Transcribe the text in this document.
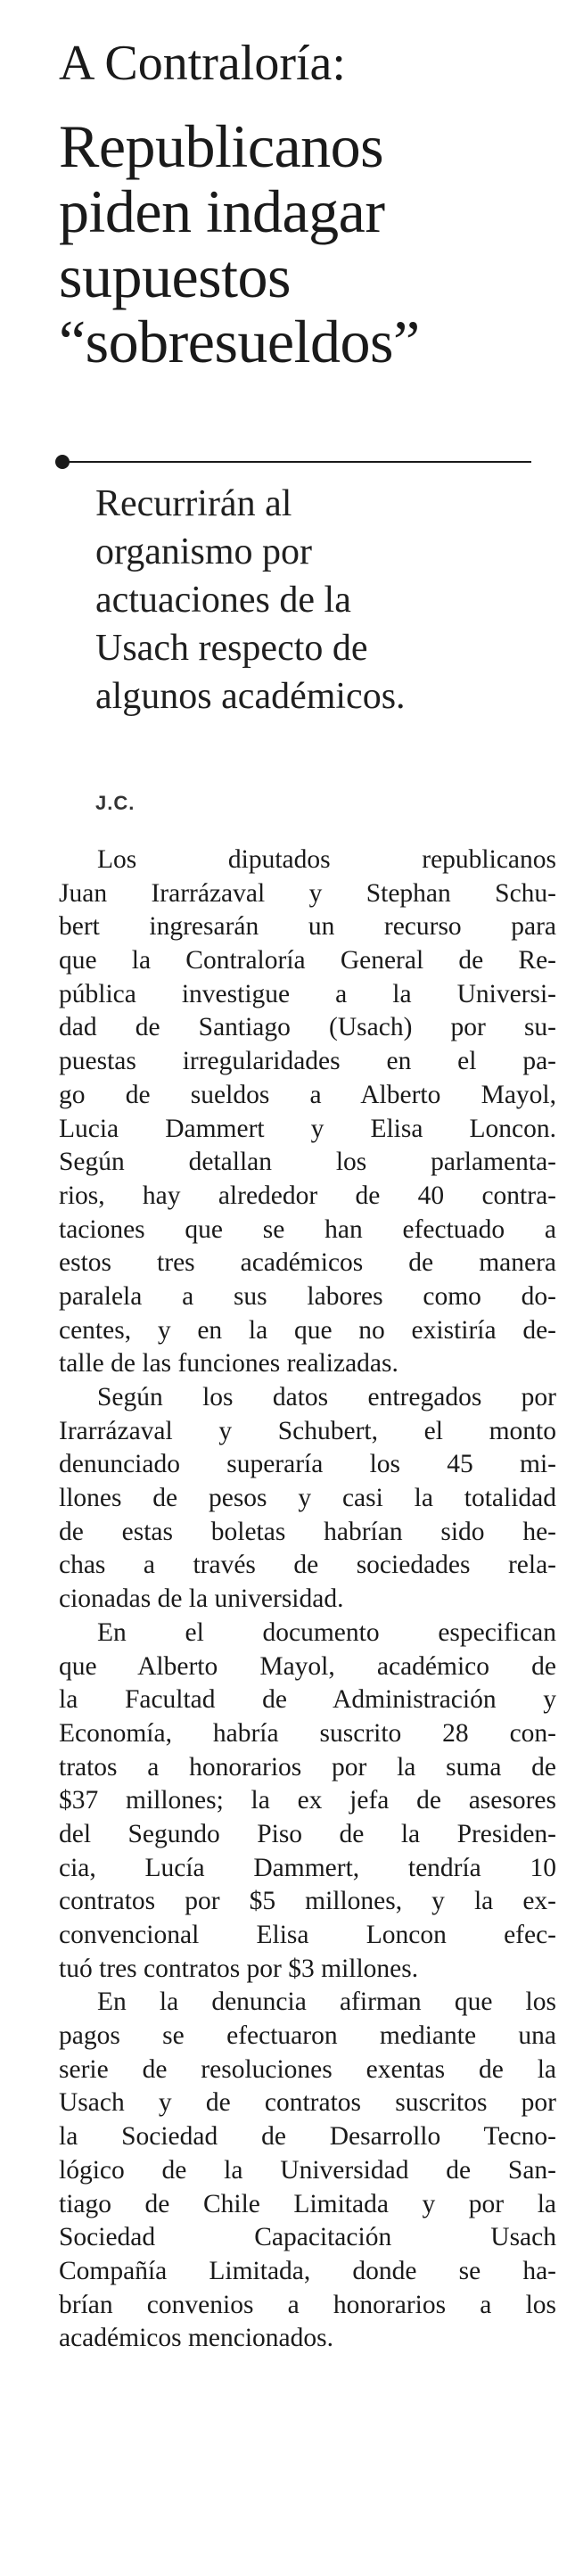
A Contraloría:
Republicanos
piden indagar
supuestos
“sobresueldos”

Recurrirán al
organismo por
actuaciones de la
Usach respecto de
algunos académicos.

J.C.
Los diputados republicanos
Juan Irarrázaval y Stephan Schu-
bert ingresarán un recurso para
que la Contraloría General de Re-
pública investigue a la Universi-
dad de Santiago (Usach) por su-
puestas irregularidades en el pa-
go de sueldos a Alberto Mayol,
Lucia Dammert y Elisa Loncon.
Según detallan los parlamenta-
rios, hay alrededor de 40 contra-
taciones que se han efectuado a
estos tres académicos de manera
paralela a sus labores como do-
centes, y en la que no existiría de-
talle de las funciones realizadas.
Según los datos entregados por
Irarrázaval y Schubert, el monto
denunciado superaría los 45 mi-
llones de pesos y casi la totalidad
de estas boletas habrían sido he-
chas a través de sociedades rela-
cionadas de la universidad.
En el documento especifican
que Alberto Mayol, académico de
la Facultad de Administración y
Economía, habría suscrito 28 con-
tratos a honorarios por la suma de
$37 millones; la ex jefa de asesores
del Segundo Piso de la Presiden-
cia, Lucía Dammert, tendría 10
contratos por $5 millones, y la ex-
convencional Elisa Loncon efec-
tuó tres contratos por $3 millones.
En la denuncia afirman que los
pagos se efectuaron mediante una
serie de resoluciones exentas de la
Usach y de contratos suscritos por
la Sociedad de Desarrollo Tecno-
lógico de la Universidad de San-
tiago de Chile Limitada y por la
Sociedad Capacitación Usach
Compañía Limitada, donde se ha-
brían convenios a honorarios a los
académicos mencionados.
